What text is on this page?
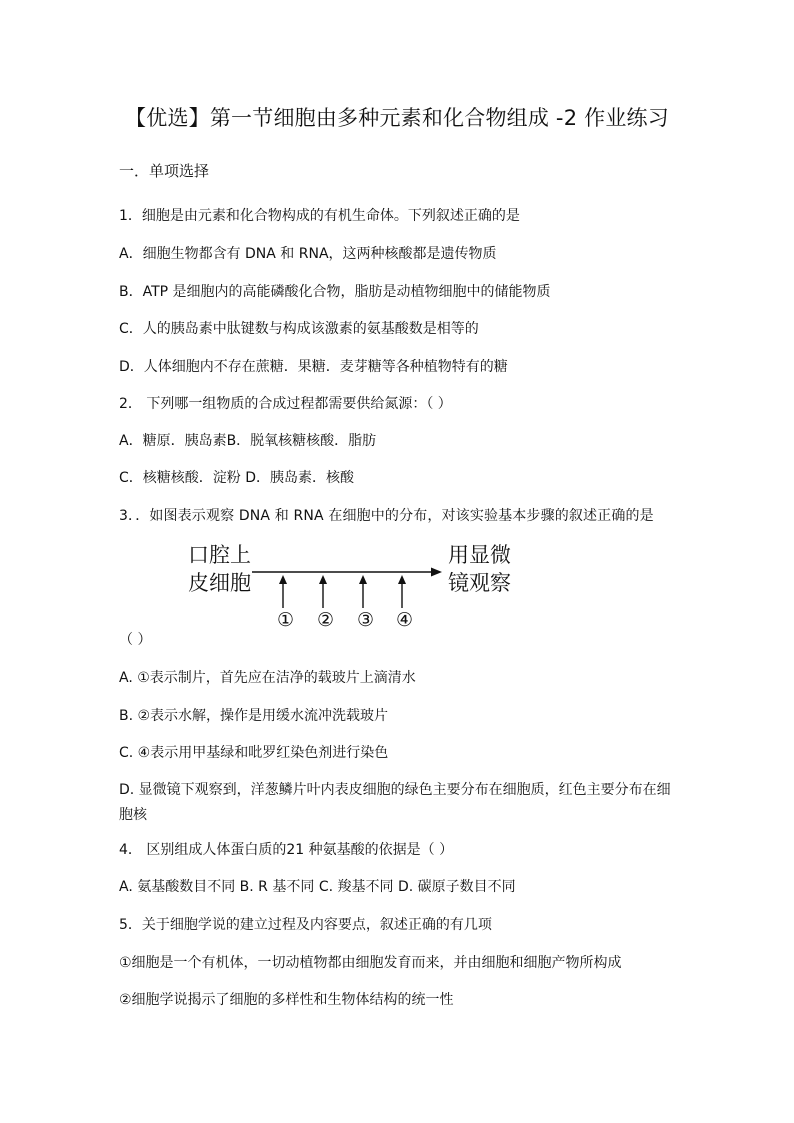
【优选】第一节细胞由多种元素和化合物组成 -2 作业练习
一．单项选择
1．细胞是由元素和化合物构成的有机生命体。下列叙述正确的是
A．细胞生物都含有 DNA 和 RNA，这两种核酸都是遗传物质
B．ATP 是细胞内的高能磷酸化合物，脂肪是动植物细胞中的储能物质
C．人的胰岛素中肽键数与构成该激素的氨基酸数是相等的
D．人体细胞内不存在蔗糖．果糖．麦芽糖等各种植物特有的糖
2． 下列哪一组物质的合成过程都需要供给氮源：（ ）
A．糖原．胰岛素B．脱氧核糖核酸．脂肪
C．核糖核酸．淀粉 D．胰岛素．核酸
3．．如图表示观察 DNA 和 RNA 在细胞中的分布，对该实验基本步骤的叙述正确的是
口腔上
皮细胞
① ② ③ ④
用显微
镜观察
（ ）
A. ①表示制片，首先应在洁净的载玻片上滴清水
B. ②表示水解，操作是用缓水流冲洗载玻片
C. ④表示用甲基绿和吡罗红染色剂进行染色
D. 显微镜下观察到，洋葱鳞片叶内表皮细胞的绿色主要分布在细胞质，红色主要分布在细胞核
4． 区别组成人体蛋白质的21 种氨基酸的依据是（ ）
A. 氨基酸数目不同 B. R 基不同 C. 羧基不同 D. 碳原子数目不同
5．关于细胞学说的建立过程及内容要点，叙述正确的有几项
①细胞是一个有机体，一切动植物都由细胞发育而来，并由细胞和细胞产物所构成
②细胞学说揭示了细胞的多样性和生物体结构的统一性
